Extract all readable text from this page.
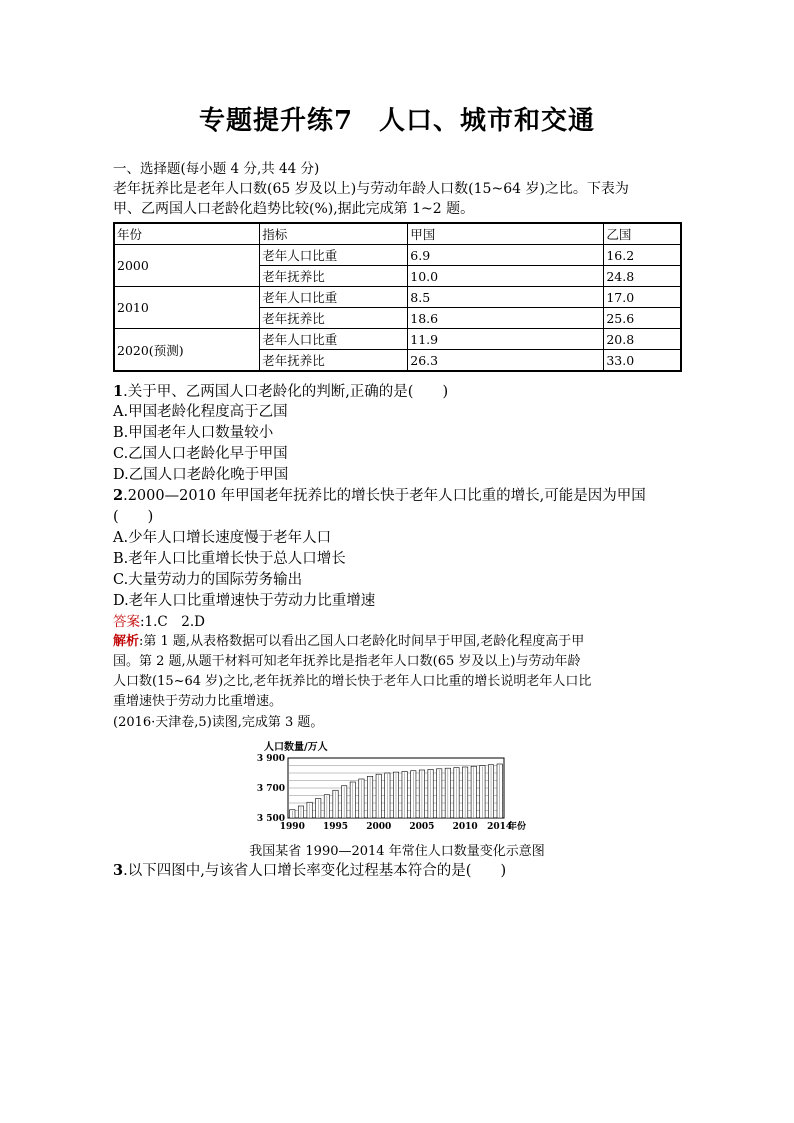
专题提升练7 人口、城市和交通
一、选择题(每小题 4 分,共 44 分)
老年抚养比是老年人口数(65 岁及以上)与劳动年龄人口数(15~64 岁)之比。下表为
甲、乙两国人口老龄化趋势比较(%),据此完成第 1~2 题。
年份	指标	甲国	乙国
2000	老年人口比重	6.9	16.2
	老年抚养比	10.0	24.8
2010	老年人口比重	8.5	17.0
	老年抚养比	18.6	25.6
2020(预测)	老年人口比重	11.9	20.8
	老年抚养比	26.3	33.0
1.关于甲、乙两国人口老龄化的判断,正确的是(　　)
A.甲国老龄化程度高于乙国
B.甲国老年人口数量较小
C.乙国人口老龄化早于甲国
D.乙国人口老龄化晚于甲国
2.2000—2010 年甲国老年抚养比的增长快于老年人口比重的增长,可能是因为甲国
(　　)
A.少年人口增长速度慢于老年人口
B.老年人口比重增长快于总人口增长
C.大量劳动力的国际劳务输出
D.老年人口比重增速快于劳动力比重增速
答案:1.C　2.D
解析:第 1 题,从表格数据可以看出乙国人口老龄化时间早于甲国,老龄化程度高于甲
国。第 2 题,从题干材料可知老年抚养比是指老年人口数(65 岁及以上)与劳动年龄
人口数(15~64 岁)之比,老年抚养比的增长快于老年人口比重的增长说明老年人口比
重增速快于劳动力比重增速。
(2016·天津卷,5)读图,完成第 3 题。
3 500
3 700
3 900
1990 1995 2000 2005 2010 2014
人口数量/万人
年份
我国某省 1990—2014 年常住人口数量变化示意图
3.以下四图中,与该省人口增长率变化过程基本符合的是(　　)
